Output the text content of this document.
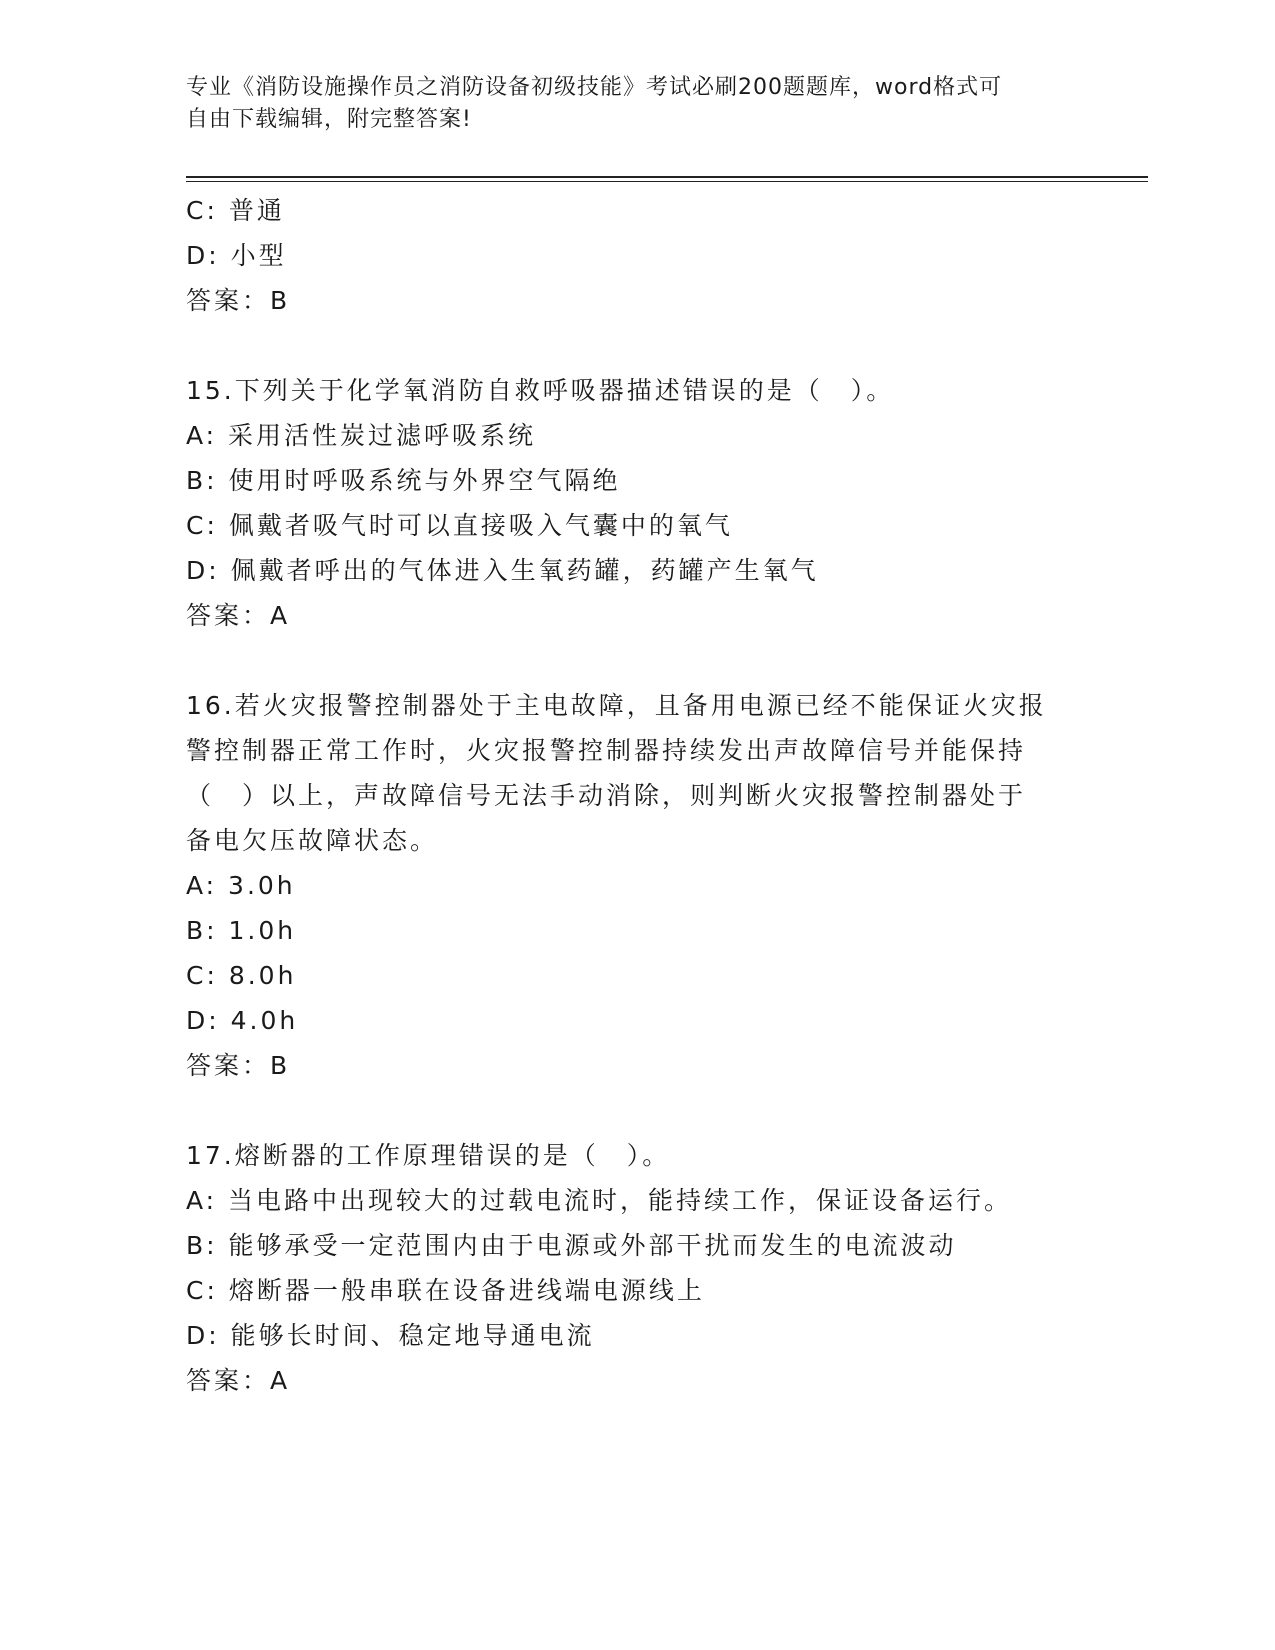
专业《消防设施操作员之消防设备初级技能》考试必刷200题题库，word格式可
自由下载编辑，附完整答案!
C: 普通
D: 小型
答案：B
15.下列关于化学氧消防自救呼吸器描述错误的是（　）。
A: 采用活性炭过滤呼吸系统
B: 使用时呼吸系统与外界空气隔绝
C: 佩戴者吸气时可以直接吸入气囊中的氧气
D: 佩戴者呼出的气体进入生氧药罐，药罐产生氧气
答案：A
16.若火灾报警控制器处于主电故障，且备用电源已经不能保证火灾报
警控制器正常工作时，火灾报警控制器持续发出声故障信号并能保持
（　）以上，声故障信号无法手动消除，则判断火灾报警控制器处于
备电欠压故障状态。
A: 3.0h
B: 1.0h
C: 8.0h
D: 4.0h
答案：B
17.熔断器的工作原理错误的是（　）。
A: 当电路中出现较大的过载电流时，能持续工作，保证设备运行。
B: 能够承受一定范围内由于电源或外部干扰而发生的电流波动
C: 熔断器一般串联在设备进线端电源线上
D: 能够长时间、稳定地导通电流
答案：A
